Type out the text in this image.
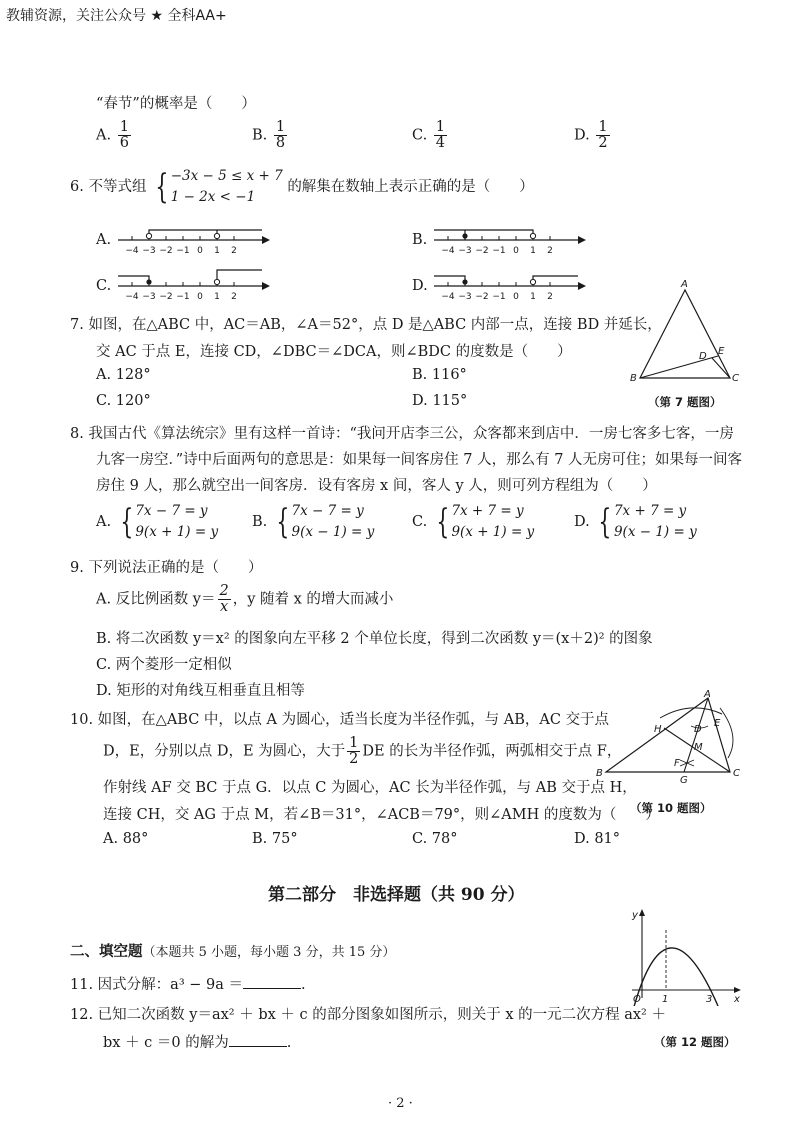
教辅资源，关注公众号 ★ 全科AA+
“春节”的概率是（　　）
A. $\frac{1}{6}$	B. $\frac{1}{8}$	C. $\frac{1}{4}$	D. $\frac{1}{2}$
6. 不等式组 { −3x − 5 ≤ x + 7
1 − 2x < −1
的解集在数轴上表示正确的是（　　）
A.	B.
C.	D.
−4 −3 −2 −1 0 1 2	−4 −3 −2 −1 0 1 2
−4 −3 −2 −1 0 1 2	−4 −3 −2 −1 0 1 2
7. 如图，在△ABC 中，AC＝AB，∠A＝52°，点 D 是△ABC 内部一点，连接 BD 并延长，
交 AC 于点 E，连接 CD，∠DBC＝∠DCA，则∠BDC 的度数是（　　）
A. 128°	B. 116°
C. 120°	D. 115°
A
B	C
D E
（第 7 题图）
8. 我国古代《算法统宗》里有这样一首诗：“我问开店李三公，众客都来到店中．一房七客多七客，一房
九客一房空．”诗中后面两句的意思是：如果每一间客房住 7 人，那么有 7 人无房可住；如果每一间客
房住 9 人，那么就空出一间客房．设有客房 x 间，客人 y 人，则可列方程组为（　　）
A. { 7x − 7 = y
9(x + 1) = y
B. { 7x − 7 = y
9(x − 1) = y
C. { 7x + 7 = y
9(x + 1) = y
D. { 7x + 7 = y
9(x − 1) = y
9. 下列说法正确的是（　　）
A. 反比例函数 $y= \frac{2}{x}$ ，y 随着 x 的增大而减小
B. 将二次函数 y＝x² 的图象向左平移 2 个单位长度，得到二次函数 y＝(x＋2)² 的图象
C. 两个菱形一定相似
D. 矩形的对角线互相垂直且相等
10. 如图，在△ABC 中，以点 A 为圆心，适当长度为半径作弧，与 AB，AC 交于点
D，E，分别以点 D，E 为圆心，大于 $\frac{1}{2}$ DE 的长为半径作弧，两弧相交于点 F，
作射线 AF 交 BC 于点 G．以点 C 为圆心，AC 长为半径作弧，与 AB 交于点 H，
连接 CH，交 AG 于点 M，若∠B＝31°，∠ACB＝79°，则∠AMH 的度数为（　　）
A. 88°	B. 75°	C. 78°	D. 81°
A
B	C
D
E
F
G
H
M
（第 10 题图）
第二部分　非选择题（共 90 分）
二、填空题（本题共 5 小题，每小题 3 分，共 15 分）
11. 因式分解：a³ − 9a ＝	.
12. 已知二次函数 y＝ax² ＋ bx ＋ c 的部分图象如图所示，则关于 x 的一元二次方程 ax² ＋
bx ＋ c ＝0 的解为	.
y
x
O 1	3
（第 12 题图）
· 2 ·
